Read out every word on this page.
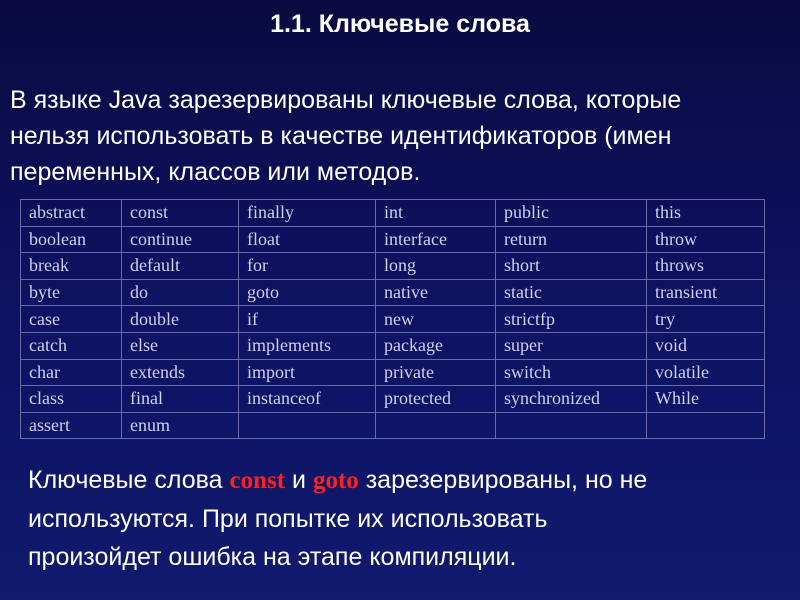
1.1. Ключевые слова

В языке Java зарезервированы ключевые слова, которые
нельзя использовать в качестве идентификаторов (имен
переменных, классов или методов.

abstract	const	finally	int	public	this
boolean	continue	float	interface	return	throw
break	default	for	long	short	throws
byte	do	goto	native	static	transient
case	double	if	new	strictfp	try
catch	else	implements	package	super	void
char	extends	import	private	switch	volatile
class	final	instanceof	protected	synchronized	While
assert	enum				

Ключевые слова const и goto зарезервированы, но не
используются. При попытке их использовать
произойдет ошибка на этапе компиляции.
